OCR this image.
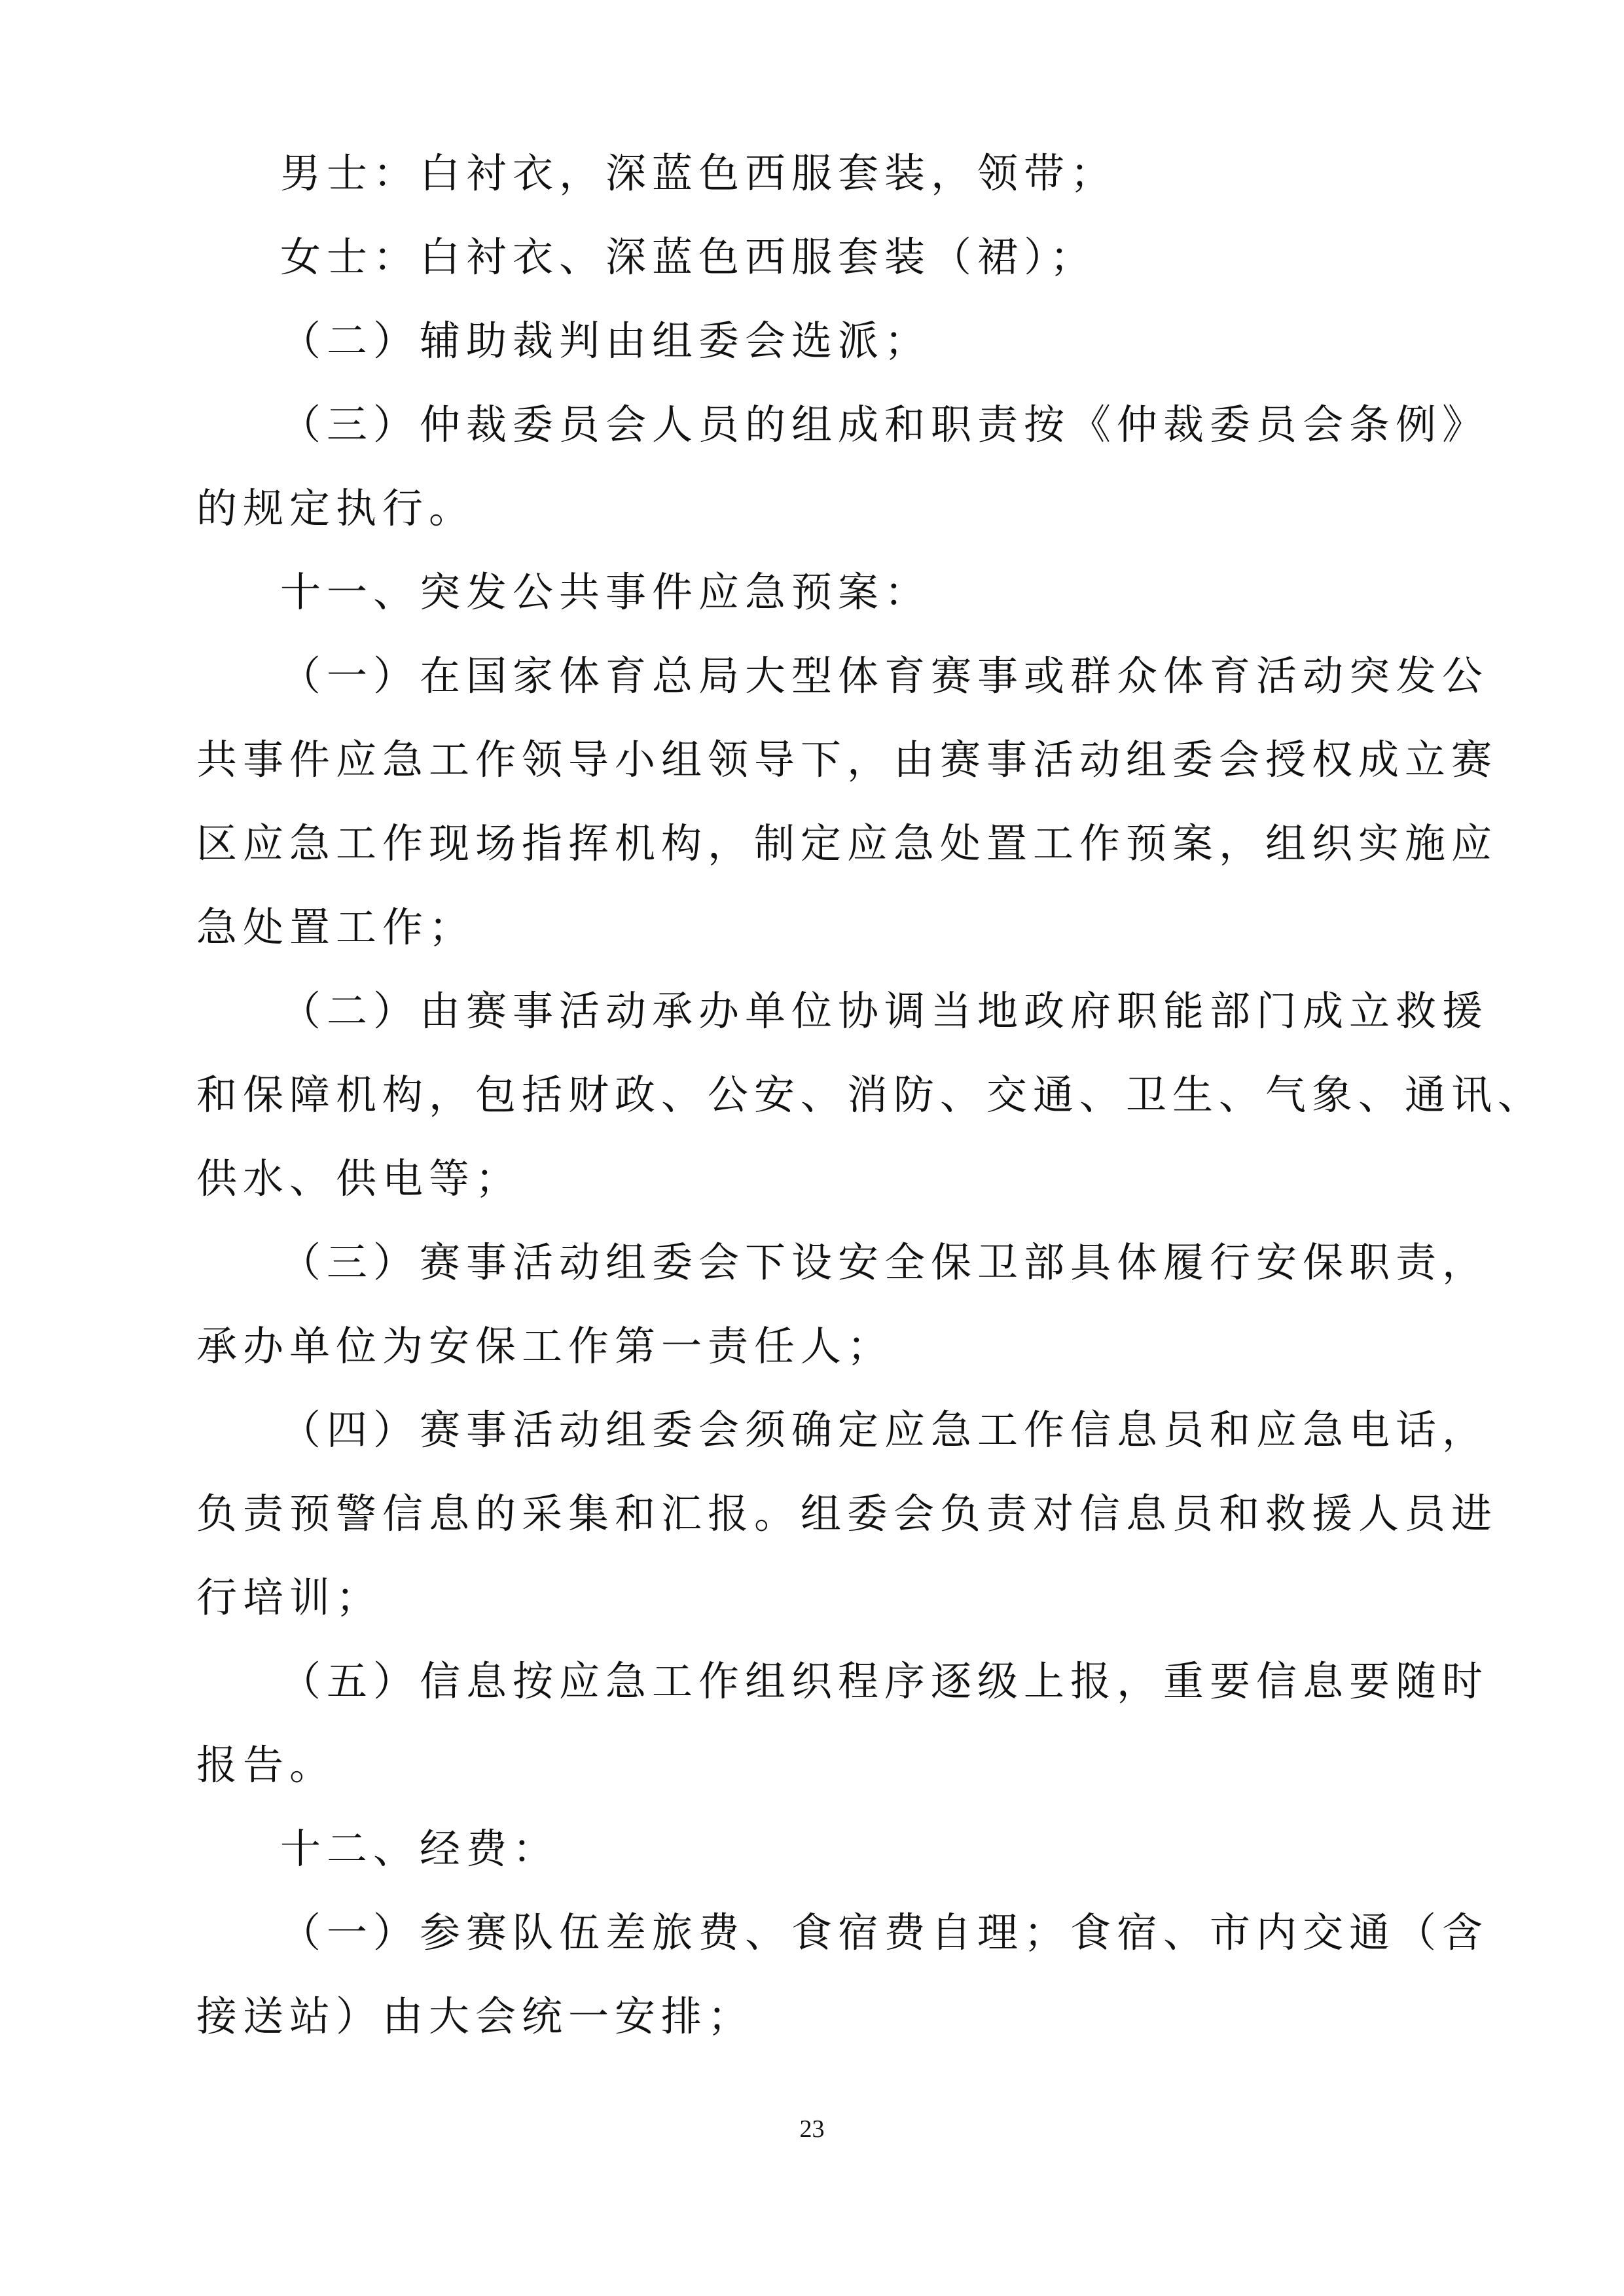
男士：白衬衣，深蓝色西服套装，领带；
女士：白衬衣、深蓝色西服套装（裙）；
（二）辅助裁判由组委会选派；
（三）仲裁委员会人员的组成和职责按《仲裁委员会条例》
的规定执行。
十一、突发公共事件应急预案：
（一）在国家体育总局大型体育赛事或群众体育活动突发公
共事件应急工作领导小组领导下，由赛事活动组委会授权成立赛
区应急工作现场指挥机构，制定应急处置工作预案，组织实施应
急处置工作；
（二）由赛事活动承办单位协调当地政府职能部门成立救援
和保障机构，包括财政、公安、消防、交通、卫生、气象、通讯、
供水、供电等；
（三）赛事活动组委会下设安全保卫部具体履行安保职责，
承办单位为安保工作第一责任人；
（四）赛事活动组委会须确定应急工作信息员和应急电话，
负责预警信息的采集和汇报。组委会负责对信息员和救援人员进
行培训；
（五）信息按应急工作组织程序逐级上报，重要信息要随时
报告。
十二、经费：
（一）参赛队伍差旅费、食宿费自理；食宿、市内交通（含
接送站）由大会统一安排；
23
